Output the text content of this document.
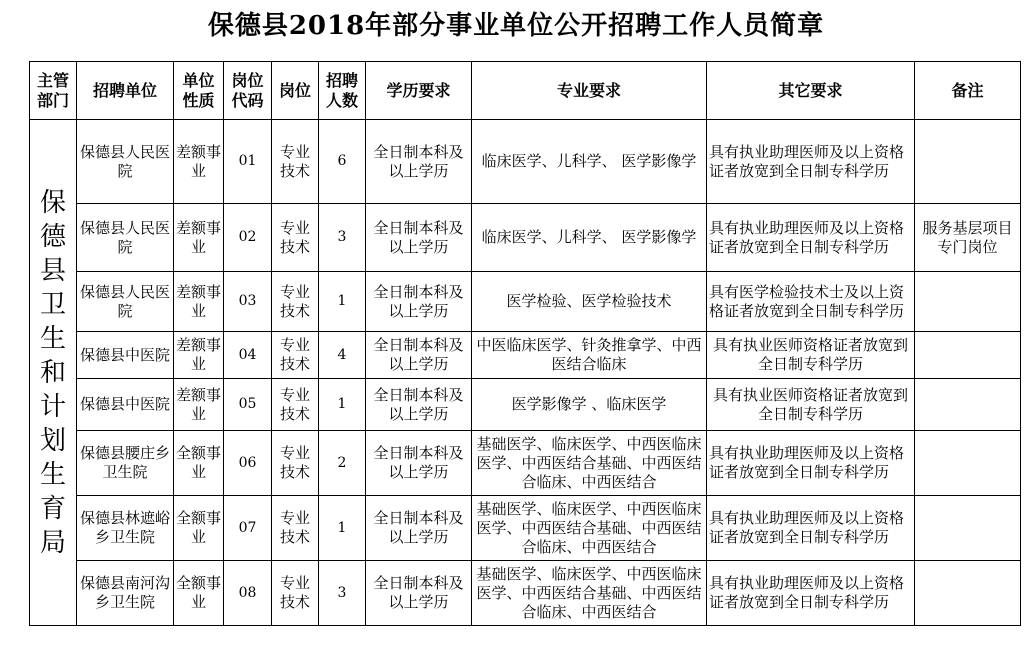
保德县2018年部分事业单位公开招聘工作人员简章
主管部门	招聘单位	单位性质	岗位代码	岗位	招聘人数	学历要求	专业要求	其它要求	备注
保德县卫生和计划生育局	保德县人民医院	差额事业	01	专业技术	6	全日制本科及以上学历	临床医学、儿科学、 医学影像学	具有执业助理医师及以上资格证者放宽到全日制专科学历	
	保德县人民医院	差额事业	02	专业技术	3	全日制本科及以上学历	临床医学、儿科学、 医学影像学	具有执业助理医师及以上资格证者放宽到全日制专科学历	服务基层项目专门岗位
	保德县人民医院	差额事业	03	专业技术	1	全日制本科及以上学历	医学检验、医学检验技术	具有医学检验技术士及以上资格证者放宽到全日制专科学历	
	保德县中医院	差额事业	04	专业技术	4	全日制本科及以上学历	中医临床医学、针灸推拿学、中西医结合临床	具有执业医师资格证者放宽到全日制专科学历	
	保德县中医院	差额事业	05	专业技术	1	全日制本科及以上学历	医学影像学 、临床医学	具有执业医师资格证者放宽到全日制专科学历	
	保德县腰庄乡卫生院	全额事业	06	专业技术	2	全日制本科及以上学历	基础医学、临床医学、中西医临床医学、中西医结合基础、中西医结合临床、中西医结合	具有执业助理医师及以上资格证者放宽到全日制专科学历	
	保德县林遮峪乡卫生院	全额事业	07	专业技术	1	全日制本科及以上学历	基础医学、临床医学、中西医临床医学、中西医结合基础、中西医结合临床、中西医结合	具有执业助理医师及以上资格证者放宽到全日制专科学历	
	保德县南河沟乡卫生院	全额事业	08	专业技术	3	全日制本科及以上学历	基础医学、临床医学、中西医临床医学、中西医结合基础、中西医结合临床、中西医结合	具有执业助理医师及以上资格证者放宽到全日制专科学历	
